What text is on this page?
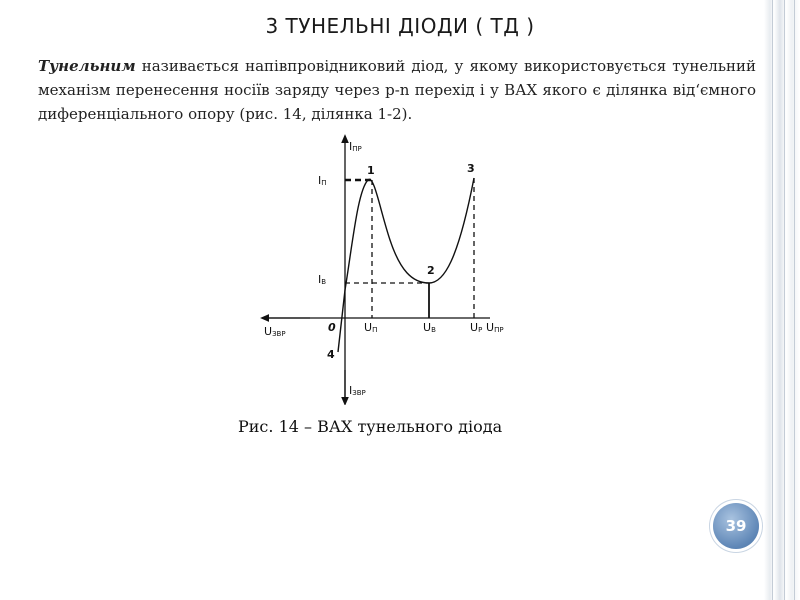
3 ТУНЕЛЬНІ ДІОДИ ( ТД )
Тунельним називається напівпровідниковий діод, у якому використовується тунельний механізм перенесення носіїв заряду через p-n перехід і у ВАХ якого є ділянка від‘ємного диференціального опору (рис. 14, ділянка 1-2).
IПР
IЗВР
UЗВР	UПР
IП
IВ
0	UП	UВ	UР
1
2
3
4
Рис. 14 – ВАХ тунельного діода
39
